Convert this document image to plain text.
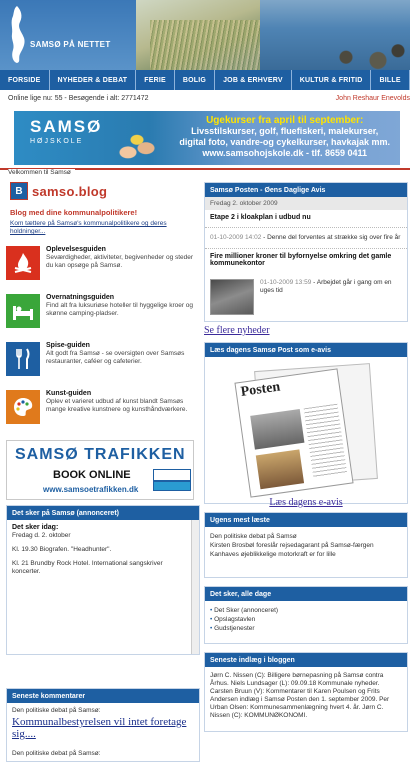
SAMSØ PÅ NETTET
FORSIDE	NYHEDER & DEBAT	FERIE	BOLIG	JOB & ERHVERV	KULTUR & FRITID	BILLE
Online lige nu: 55 - Besøgende i alt: 2771472	John Reshaur Enevolds
SAMSØ
HØJSKOLE
Ugekurser fra april til september:
Livsstilskurser, golf, fluefiskeri, malekurser,
digital foto, vandre-og cykelkurser, havkajak mm.
www.samsohojskole.dk - tlf. 8659 0411
Velkommen til Samsø
B samso.blog
Blog med dine kommunalpolitikere!
Kom tættere på Samsø's kommunalpolitikere og deres holdninger...
Oplevelsesguiden
Seværdigheder, aktiviteter, begivenheder og steder du kan opsøge på Samsø.
Overnatningsguiden
Find alt fra luksuriøse hoteller til hyggelige kroer og skønne camping-pladser.
Spise-guiden
Alt godt fra Samsø - se oversigten over Samsøs restauranter, caféer og cafeterier.
Kunst-guiden
Oplev et varieret udbud af kunst blandt Samsøs mange kreative kunstnere og kunsthåndværkere.
SAMSØ TRAFIKKEN
BOOK ONLINE
www.samsoetrafikken.dk
Det sker på Samsø (annonceret)
Det sker idag:
Fredag d. 2. oktober
Kl. 19.30 Biografen. "Headhunter".
Kl. 21 Brundby Rock Hotel. International sangskriver koncerter.
Seneste kommentarer
Den politiske debat på Samsø:
Kommunalbestyrelsen vil intet foretage sig....
Den politiske debat på Samsø:
Samsø Posten - Øens Daglige Avis
Fredag 2. oktober 2009
Etape 2 i kloakplan i udbud nu
01-10-2009 14:02 - Denne del forventes at strække sig over fire år
Fire millioner kroner til byfornyelse omkring det gamle kommunekontor
01-10-2009 13:59 - Arbejdet går i gang om en uges tid
Se flere nyheder
Læs dagens Samsø Post som e-avis
Posten
Læs dagens e-avis
Ugens mest læste
Den politiske debat på Samsø
Kirsten Brosbøl foreslår rejsedagarant på Samsø-færgen
Kanhaves øjeblikkelige motorkraft er for lille
Det sker, alle dage
• Det Sker (annonceret)
• Opslagstavlen
• Gudstjenester
Seneste indlæg i bloggen
Jørn C. Nissen (C): Billigere børnepasning på Samsø contra Århus. Niels Lundsager (L): 09.09.18 Kommunale nyheder. Carsten Bruun (V): Kommentarer til Karen Poulsen og Frits Andersen indlæg i Samsø Posten den 1. september 2009. Per Urban Olsen: Kommunesammenlægning hvert 4. år. Jørn C. Nissen (C): KOMMUNØKONOMI.
